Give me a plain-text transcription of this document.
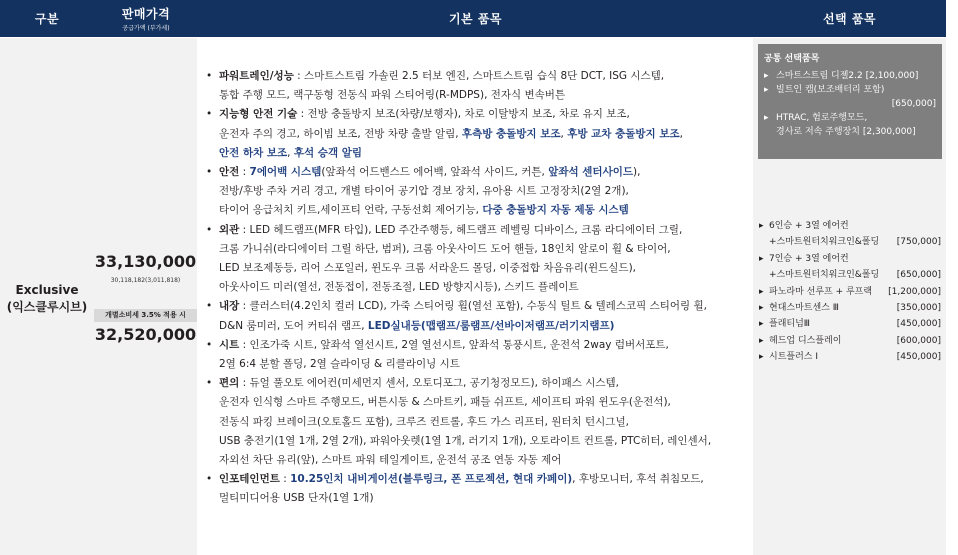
구분	판매가격
공급가액 (부가세)
기본 품목	선택 품목
Exclusive
(익스클루시브)
33,130,000
30,118,182(3,011,818)
개별소비세 3.5% 적용 시
32,520,000
• 파워트레인/성능 : 스마트스트림 가솔린 2.5 터보 엔진, 스마트스트림 습식 8단 DCT, ISG 시스템,
통합 주행 모드, 랙구동형 전동식 파워 스티어링(R-MDPS), 전자식 변속버튼
• 지능형 안전 기술 : 전방 충돌방지 보조(차량/보행자), 차로 이탈방지 보조, 차로 유지 보조,
운전자 주의 경고, 하이빔 보조, 전방 차량 출발 알림, 후측방 충돌방지 보조, 후방 교차 충돌방지 보조,
안전 하차 보조, 후석 승객 알림
• 안전 : 7에어백 시스템(앞좌석 어드밴스드 에어백, 앞좌석 사이드, 커튼, 앞좌석 센터사이드),
전방/후방 주차 거리 경고, 개별 타이어 공기압 경보 장치, 유아용 시트 고정장치(2열 2개),
타이어 응급처치 키트,세이프티 언락, 구동선회 제어기능, 다중 충돌방지 자동 제동 시스템
• 외관 : LED 헤드램프(MFR 타입), LED 주간주행등, 헤드램프 레벨링 디바이스, 크롬 라디에이터 그릴,
크롬 가니쉬(라디에이터 그릴 하단, 범퍼), 크롬 아웃사이드 도어 핸들, 18인치 알로이 휠 & 타이어,
LED 보조제동등, 리어 스포일러, 윈도우 크롬 서라운드 몰딩, 이중접합 차음유리(윈드실드),
아웃사이드 미러(열선, 전동접이, 전동조절, LED 방향지시등), 스키드 플레이트
• 내장 : 클러스터(4.2인치 컬러 LCD), 가죽 스티어링 휠(열선 포함), 수동식 틸트 & 텔레스코픽 스티어링 휠,
D&N 룸미러, 도어 커티쉬 램프, LED실내등(맵램프/룸램프/선바이저램프/러기지램프)
• 시트 : 인조가죽 시트, 앞좌석 열선시트, 2열 열선시트, 앞좌석 통풍시트, 운전석 2way 럼버서포트,
2열 6:4 분할 폴딩, 2열 슬라이딩 & 리클라이닝 시트
• 편의 : 듀얼 풀오토 에어컨(미세먼지 센서, 오토디포그, 공기청정모드), 하이패스 시스템,
운전자 인식형 스마트 주행모드, 버튼시동 & 스마트키, 패들 쉬프트, 세이프티 파워 윈도우(운전석),
전동식 파킹 브레이크(오토홀드 포함), 크루즈 컨트롤, 후드 가스 리프터, 원터치 턴시그널,
USB 충전기(1열 1개, 2열 2개), 파워아웃렛(1열 1개, 러기지 1개), 오토라이트 컨트롤, PTC히터, 레인센서,
자외선 차단 유리(앞), 스마트 파워 테일게이트, 운전석 공조 연동 자동 제어
• 인포테인먼트 : 10.25인치 내비게이션(블루링크, 폰 프로젝션, 현대 카페이), 후방모니터, 후석 취침모드,
멀티미디어용 USB 단자(1열 1개)
공통 선택품목
▸ 스마트스트림 디젤2.2 [2,100,000]
▸ 빌트인 캠(보조배터리 포함)
[650,000]
▸ HTRAC, 험로주행모드,
경사로 저속 주행장치 [2,300,000]
▸ 6인승 + 3열 에어컨
+스마트원터치워크인&폴딩	[750,000]
▸ 7인승 + 3열 에어컨
+스마트원터치워크인&폴딩	[650,000]
▸ 파노라마 선루프 + 루프랙	[1,200,000]
▸ 현대스마트센스 Ⅲ	[350,000]
▸ 플래티넘Ⅲ	[450,000]
▸ 헤드업 디스플레이	[600,000]
▸ 시트플러스 Ⅰ	[450,000]
